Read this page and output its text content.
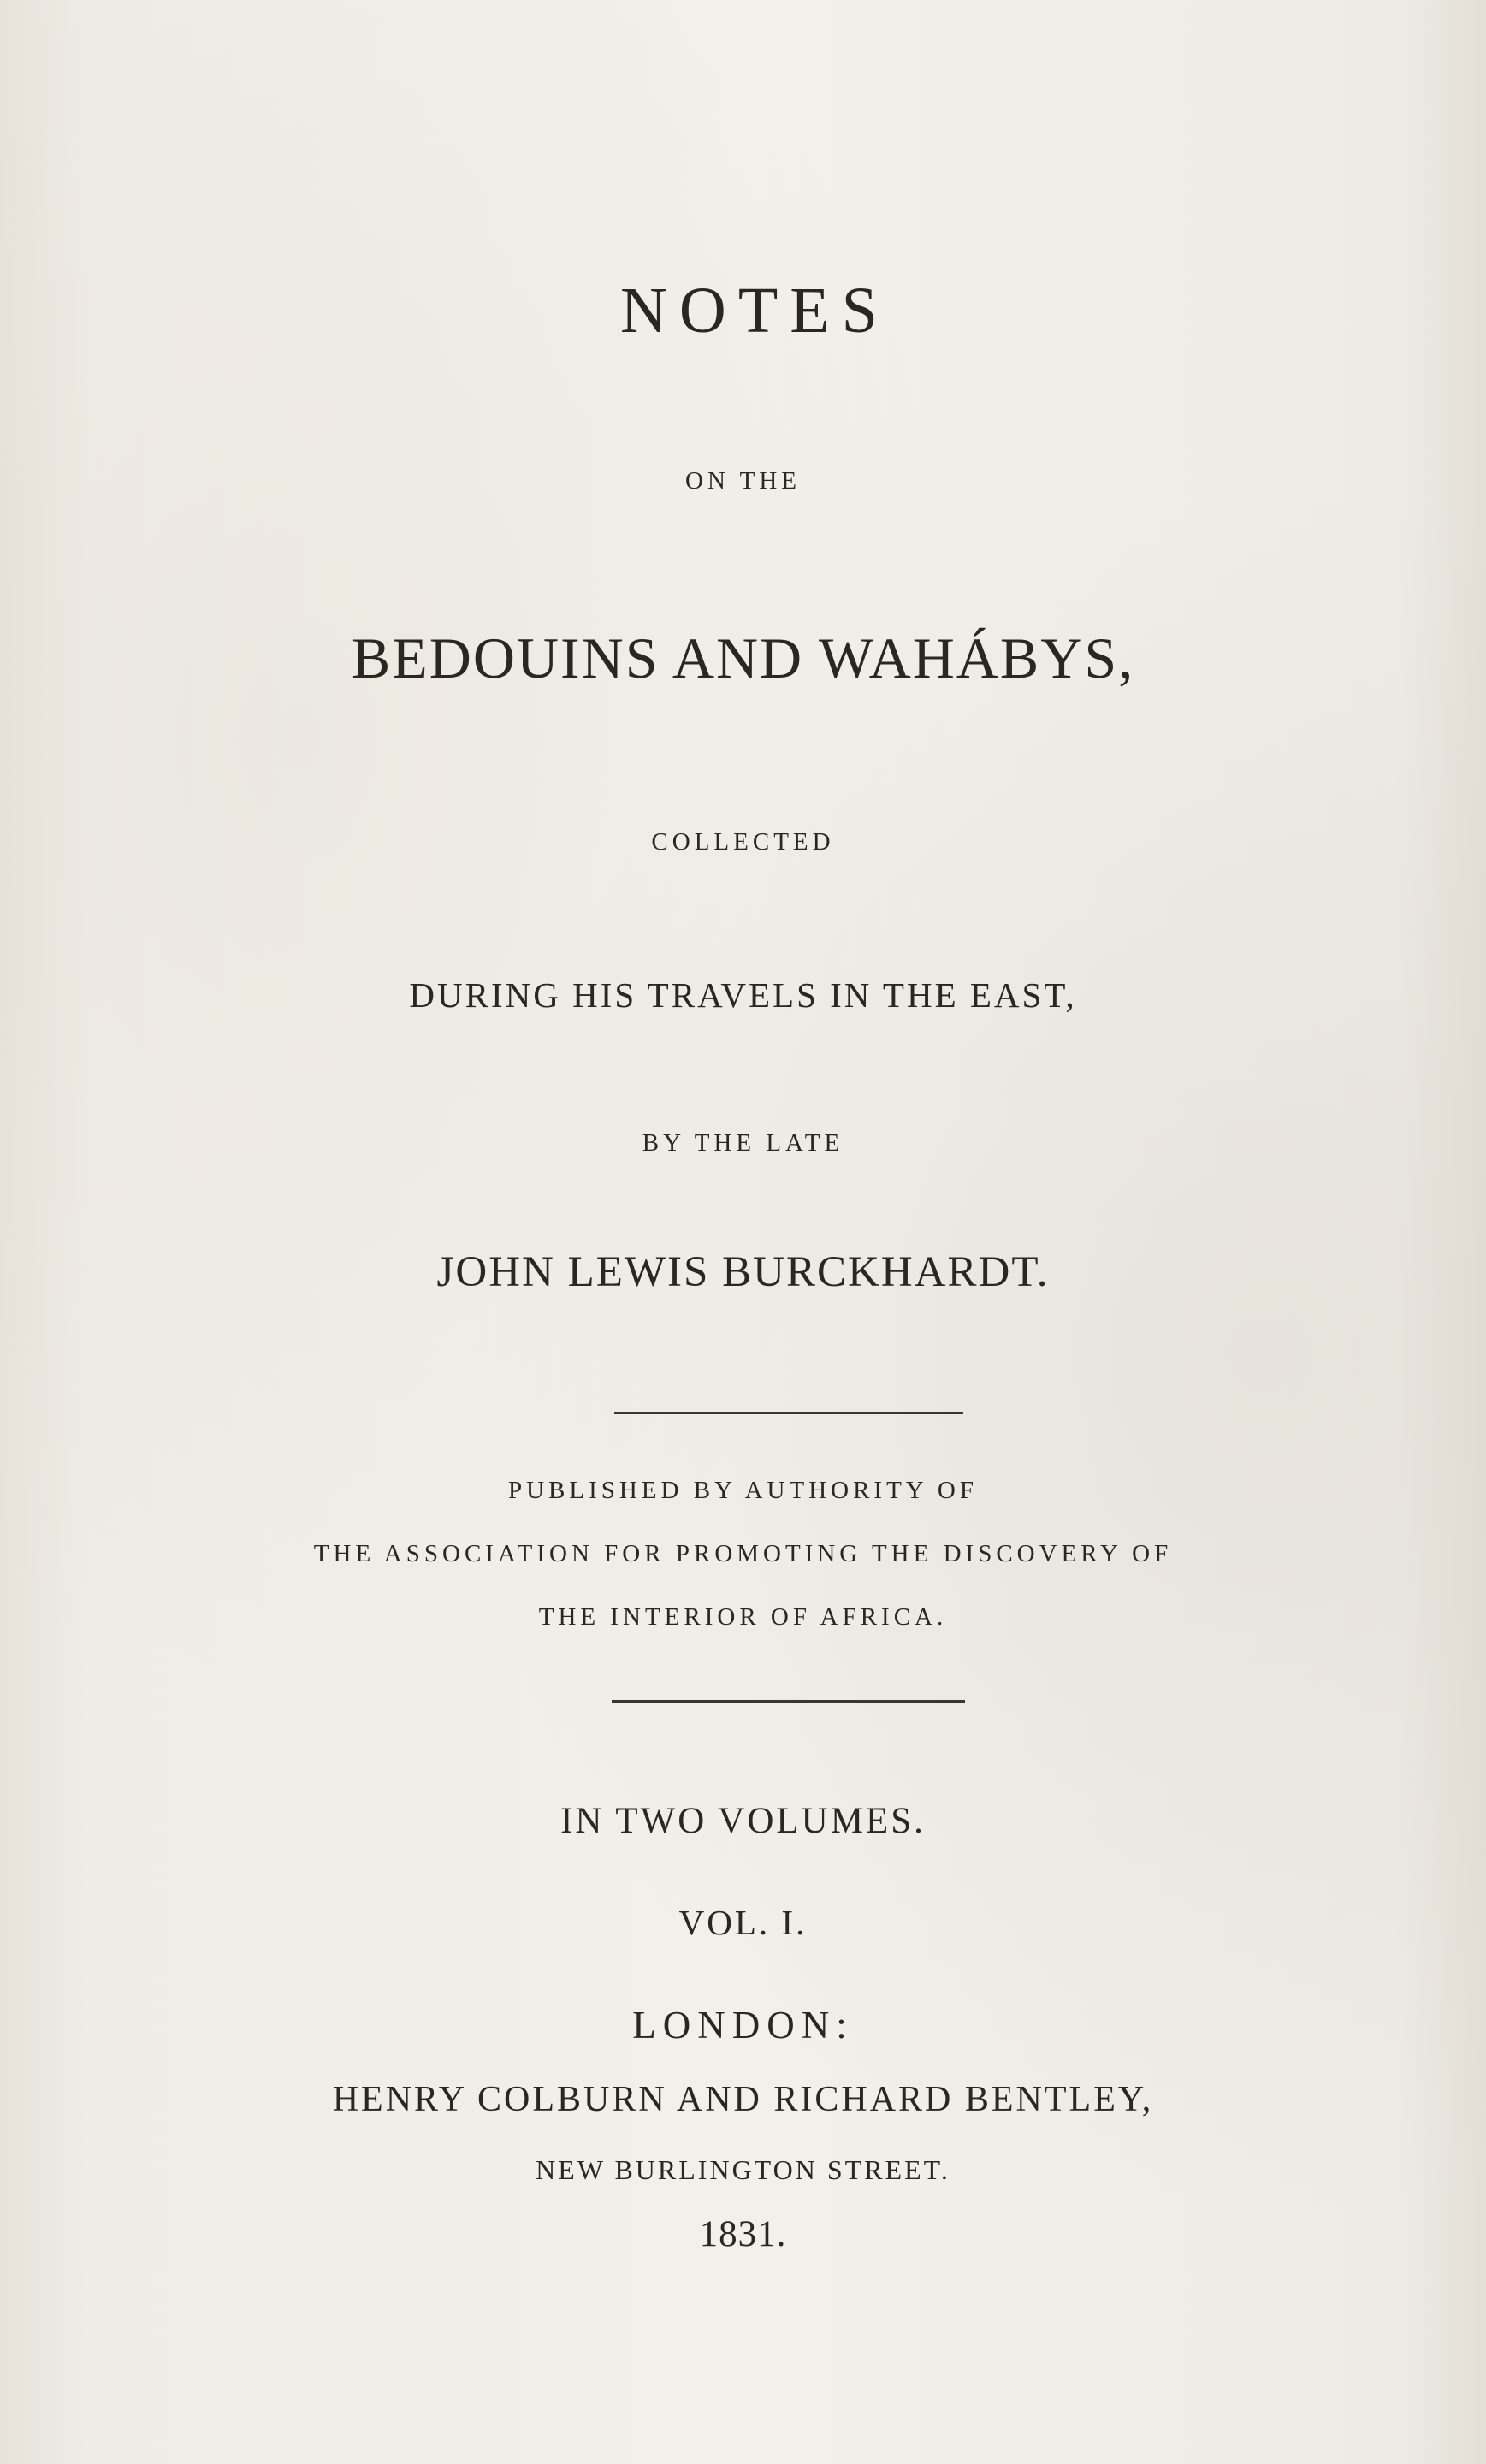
NOTES
ON THE
BEDOUINS AND WAHÁBYS,
COLLECTED
DURING HIS TRAVELS IN THE EAST,
BY THE LATE
JOHN LEWIS BURCKHARDT.
PUBLISHED BY AUTHORITY OF
THE ASSOCIATION FOR PROMOTING THE DISCOVERY OF
THE INTERIOR OF AFRICA.
IN TWO VOLUMES.
VOL. I.
LONDON:
HENRY COLBURN AND RICHARD BENTLEY,
NEW BURLINGTON STREET.
1831.
